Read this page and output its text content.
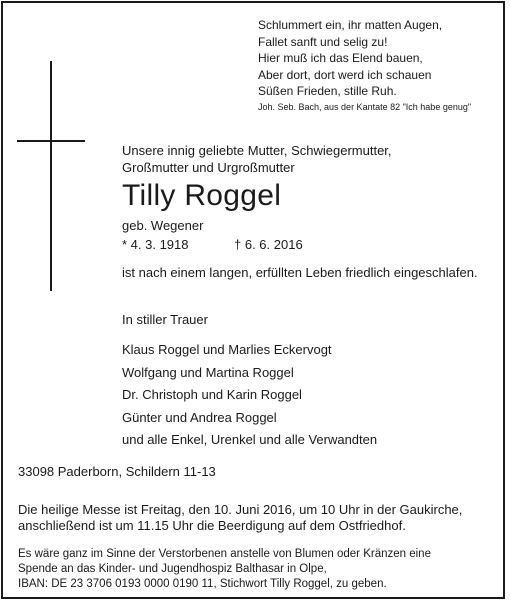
Schlummert ein, ihr matten Augen,
Fallet sanft und selig zu!
Hier muß ich das Elend bauen,
Aber dort, dort werd ich schauen
Süßen Frieden, stille Ruh.
Joh. Seb. Bach, aus der Kantate 82 "Ich habe genug"
Unsere innig geliebte Mutter, Schwiegermutter,
Großmutter und Urgroßmutter
Tilly Roggel
geb. Wegener
* 4. 3. 1918	† 6. 6. 2016
ist nach einem langen, erfüllten Leben friedlich eingeschlafen.
In stiller Trauer
Klaus Roggel und Marlies Eckervogt
Wolfgang und Martina Roggel
Dr. Christoph und Karin Roggel
Günter und Andrea Roggel
und alle Enkel, Urenkel und alle Verwandten
33098 Paderborn, Schildern 11-13
Die heilige Messe ist Freitag, den 10. Juni 2016, um 10 Uhr in der Gaukirche,
anschließend ist um 11.15 Uhr die Beerdigung auf dem Ostfriedhof.
Es wäre ganz im Sinne der Verstorbenen anstelle von Blumen oder Kränzen eine
Spende an das Kinder- und Jugendhospiz Balthasar in Olpe,
IBAN: DE 23 3706 0193 0000 0190 11, Stichwort Tilly Roggel, zu geben.
